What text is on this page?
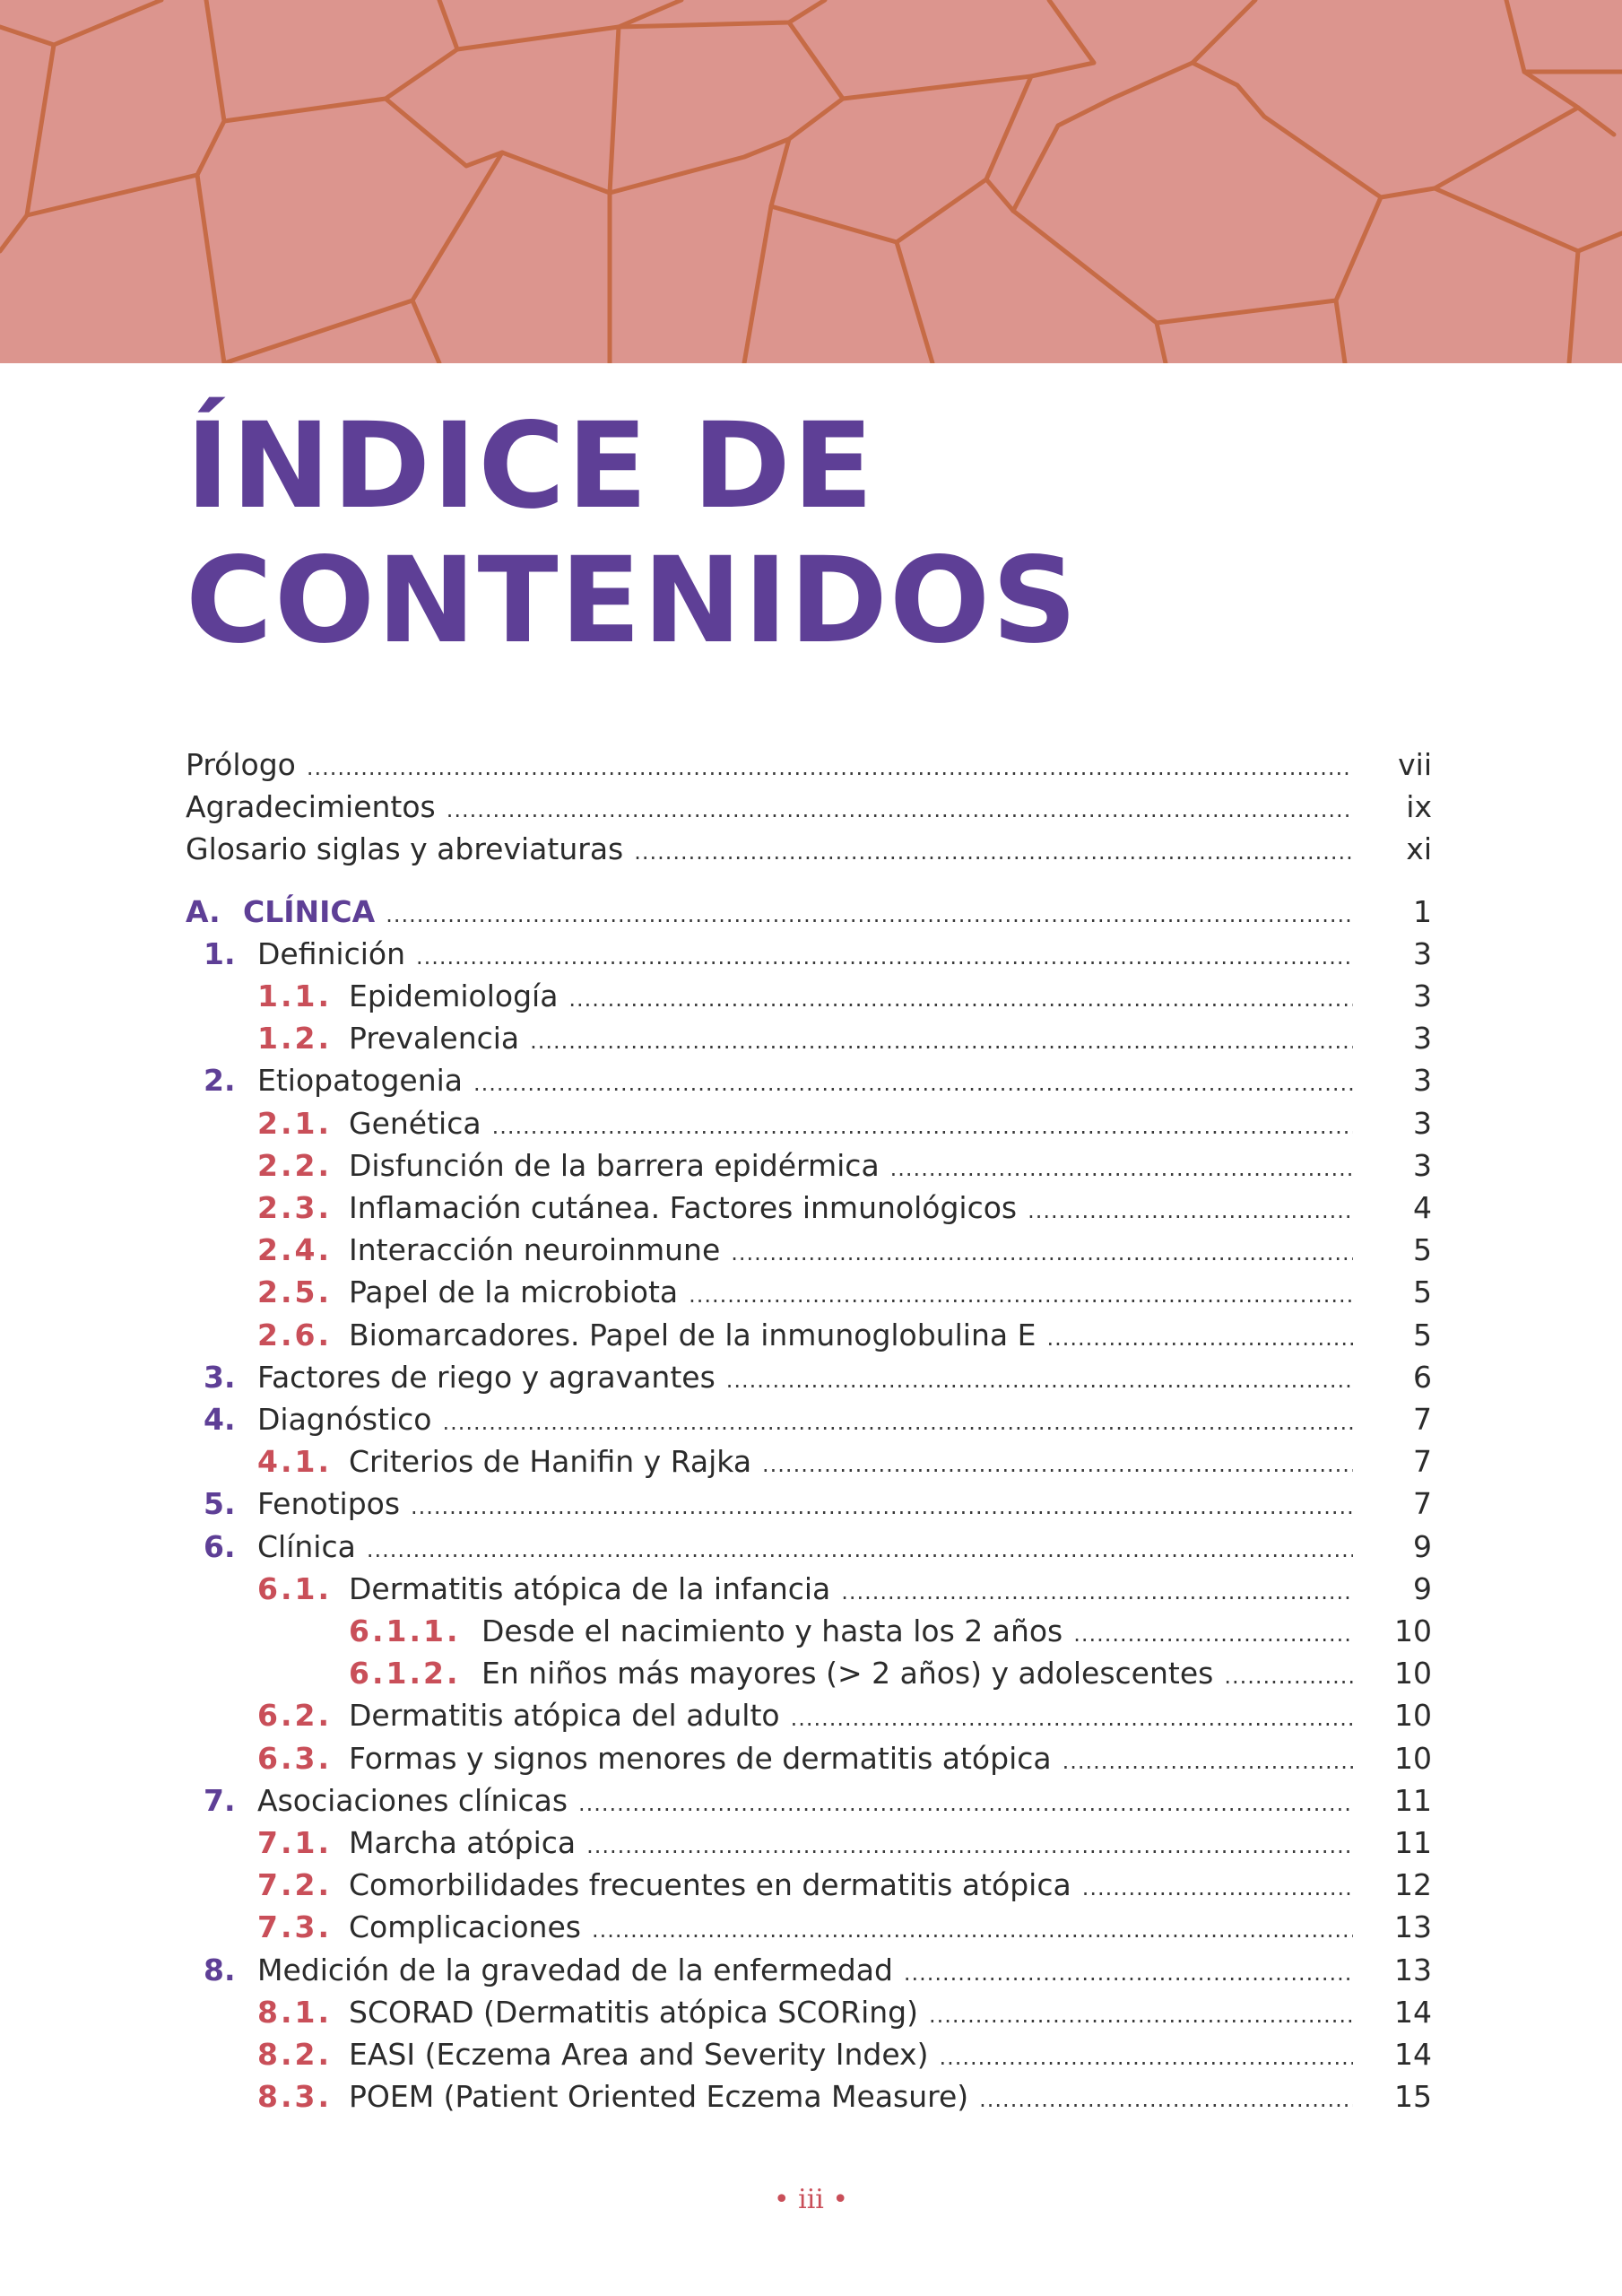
ÍNDICE DE
CONTENIDOS
Prólogo .....	vii
Agradecimientos .....	ix
Glosario siglas y abreviaturas .....	xi
A. CLÍNICA .....	1
1. Definición .....	3
1.1. Epidemiología .....	3
1.2. Prevalencia .....	3
2. Etiopatogenia .....	3
2.1. Genética .....	3
2.2. Disfunción de la barrera epidérmica .....	3
2.3. Inflamación cutánea. Factores inmunológicos .....	4
2.4. Interacción neuroinmune .....	5
2.5. Papel de la microbiota .....	5
2.6. Biomarcadores. Papel de la inmunoglobulina E .....	5
3. Factores de riego y agravantes .....	6
4. Diagnóstico .....	7
4.1. Criterios de Hanifin y Rajka .....	7
5. Fenotipos .....	7
6. Clínica .....	9
6.1. Dermatitis atópica de la infancia .....	9
6.1.1. Desde el nacimiento y hasta los 2 años .....	10
6.1.2. En niños más mayores (> 2 años) y adolescentes .....	10
6.2. Dermatitis atópica del adulto .....	10
6.3. Formas y signos menores de dermatitis atópica .....	10
7. Asociaciones clínicas .....	11
7.1. Marcha atópica .....	11
7.2. Comorbilidades frecuentes en dermatitis atópica .....	12
7.3. Complicaciones .....	13
8. Medición de la gravedad de la enfermedad .....	13
8.1. SCORAD (Dermatitis atópica SCORing) .....	14
8.2. EASI (Eczema Area and Severity Index) .....	14
8.3. POEM (Patient Oriented Eczema Measure) .....	15
• iii •
